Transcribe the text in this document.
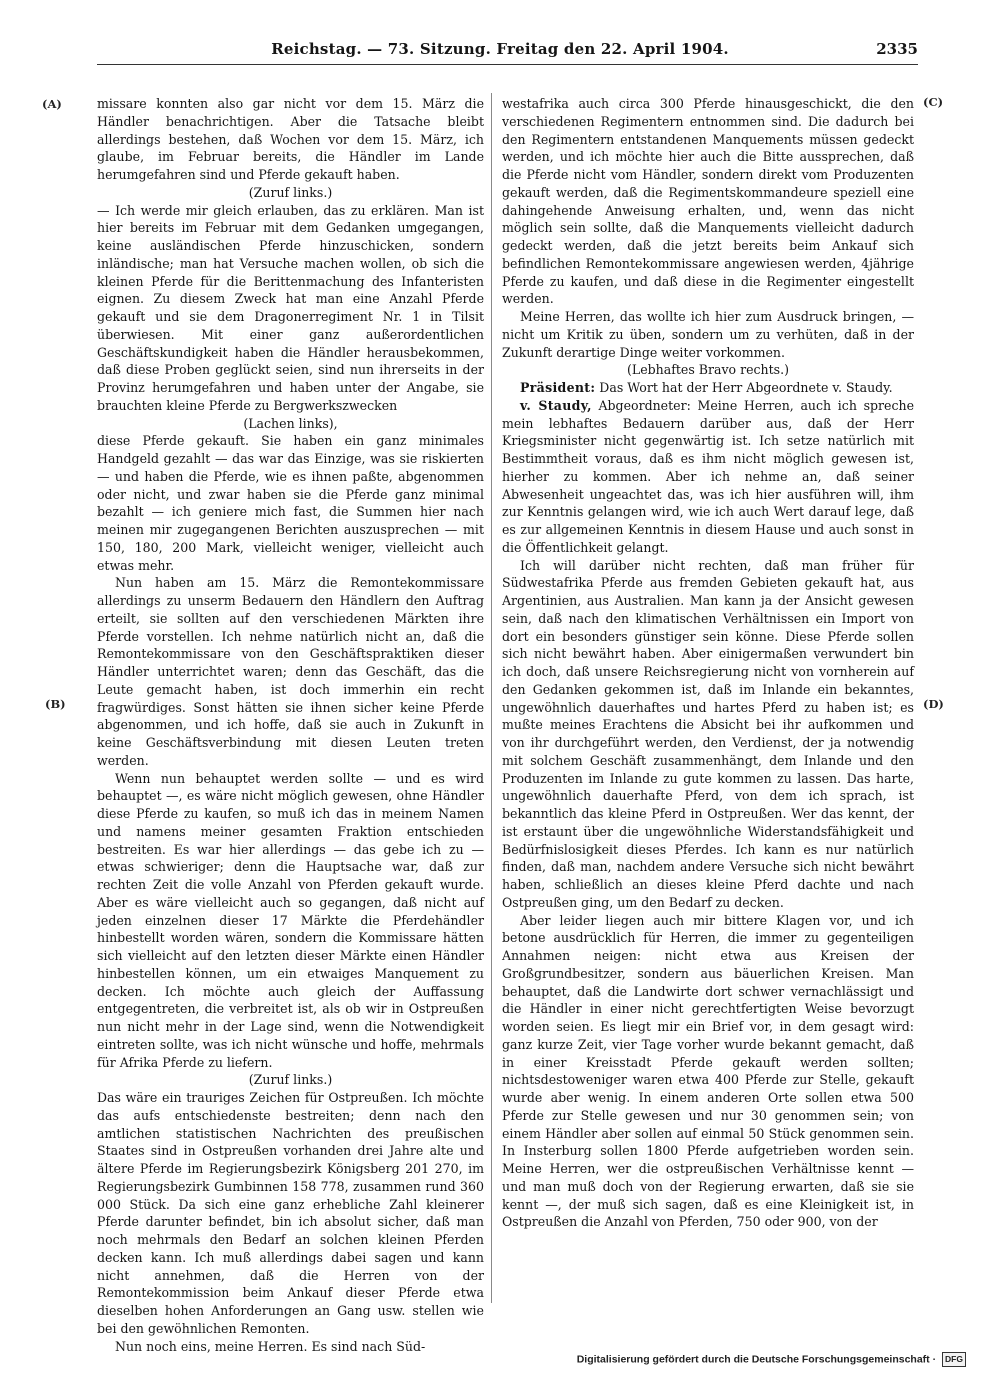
Reichstag. — 73. Sitzung. Freitag den 22. April 1904.	2335
(A)
(B)
(C)
(D)

missare konnten also gar nicht vor dem 15. März die Händler benachrichtigen. Aber die Tatsache bleibt allerdings bestehen, daß Wochen vor dem 15. März, ich glaube, im Februar bereits, die Händler im Lande herumgefahren sind und Pferde gekauft haben.

(Zuruf links.)

— Ich werde mir gleich erlauben, das zu erklären. Man ist hier bereits im Februar mit dem Gedanken umgegangen, keine ausländischen Pferde hinzuschicken, sondern inländische; man hat Versuche machen wollen, ob sich die kleinen Pferde für die Berittenmachung des Infanteristen eignen. Zu diesem Zweck hat man eine Anzahl Pferde gekauft und sie dem Dragonerregiment Nr. 1 in Tilsit überwiesen. Mit einer ganz außerordentlichen Geschäftskundigkeit haben die Händler herausbekommen, daß diese Proben geglückt seien, sind nun ihrerseits in der Provinz herumgefahren und haben unter der Angabe, sie brauchten kleine Pferde zu Bergwerkszwecken

(Lachen links),

diese Pferde gekauft. Sie haben ein ganz minimales Handgeld gezahlt — das war das Einzige, was sie riskierten — und haben die Pferde, wie es ihnen paßte, abgenommen oder nicht, und zwar haben sie die Pferde ganz minimal bezahlt — ich geniere mich fast, die Summen hier nach meinen mir zugegangenen Berichten auszusprechen — mit 150, 180, 200 Mark, vielleicht weniger, vielleicht auch etwas mehr.

Nun haben am 15. März die Remontekommissare allerdings zu unserm Bedauern den Händlern den Auftrag erteilt, sie sollten auf den verschiedenen Märkten ihre Pferde vorstellen. Ich nehme natürlich nicht an, daß die Remontekommissare von den Geschäftspraktiken dieser Händler unterrichtet waren; denn das Geschäft, das die Leute gemacht haben, ist doch immerhin ein recht fragwürdiges. Sonst hätten sie ihnen sicher keine Pferde abgenommen, und ich hoffe, daß sie auch in Zukunft in keine Geschäftsverbindung mit diesen Leuten treten werden.

Wenn nun behauptet werden sollte — und es wird behauptet —, es wäre nicht möglich gewesen, ohne Händler diese Pferde zu kaufen, so muß ich das in meinem Namen und namens meiner gesamten Fraktion entschieden bestreiten. Es war hier allerdings — das gebe ich zu — etwas schwieriger; denn die Hauptsache war, daß zur rechten Zeit die volle Anzahl von Pferden gekauft wurde. Aber es wäre vielleicht auch so gegangen, daß nicht auf jeden einzelnen dieser 17 Märkte die Pferdehändler hinbestellt worden wären, sondern die Kommissare hätten sich vielleicht auf den letzten dieser Märkte einen Händler hinbestellen können, um ein etwaiges Manquement zu decken. Ich möchte auch gleich der Auffassung entgegentreten, die verbreitet ist, als ob wir in Ostpreußen nun nicht mehr in der Lage sind, wenn die Notwendigkeit eintreten sollte, was ich nicht wünsche und hoffe, mehrmals für Afrika Pferde zu liefern.

(Zuruf links.)

Das wäre ein trauriges Zeichen für Ostpreußen. Ich möchte das aufs entschiedenste bestreiten; denn nach den amtlichen statistischen Nachrichten des preußischen Staates sind in Ostpreußen vorhanden drei Jahre alte und ältere Pferde im Regierungsbezirk Königsberg 201 270, im Regierungsbezirk Gumbinnen 158 778, zusammen rund 360 000 Stück. Da sich eine ganz erhebliche Zahl kleinerer Pferde darunter befindet, bin ich absolut sicher, daß man noch mehrmals den Bedarf an solchen kleinen Pferden decken kann. Ich muß allerdings dabei sagen und kann nicht annehmen, daß die Herren von der Remontekommission beim Ankauf dieser Pferde etwa dieselben hohen Anforderungen an Gang usw. stellen wie bei den gewöhnlichen Remonten.

Nun noch eins, meine Herren. Es sind nach Süd-

westafrika auch circa 300 Pferde hinausgeschickt, die den verschiedenen Regimentern entnommen sind. Die dadurch bei den Regimentern entstandenen Manquements müssen gedeckt werden, und ich möchte hier auch die Bitte aussprechen, daß die Pferde nicht vom Händler, sondern direkt vom Produzenten gekauft werden, daß die Regimentskommandeure speziell eine dahingehende Anweisung erhalten, und, wenn das nicht möglich sein sollte, daß die Manquements vielleicht dadurch gedeckt werden, daß die jetzt bereits beim Ankauf sich befindlichen Remontekommissare angewiesen werden, 4jährige Pferde zu kaufen, und daß diese in die Regimenter eingestellt werden.

Meine Herren, das wollte ich hier zum Ausdruck bringen, — nicht um Kritik zu üben, sondern um zu verhüten, daß in der Zukunft derartige Dinge weiter vorkommen.

(Lebhaftes Bravo rechts.)

Präsident: Das Wort hat der Herr Abgeordnete v. Staudy.

v. Staudy, Abgeordneter: Meine Herren, auch ich spreche mein lebhaftes Bedauern darüber aus, daß der Herr Kriegsminister nicht gegenwärtig ist. Ich setze natürlich mit Bestimmtheit voraus, daß es ihm nicht möglich gewesen ist, hierher zu kommen. Aber ich nehme an, daß seiner Abwesenheit ungeachtet das, was ich hier ausführen will, ihm zur Kenntnis gelangen wird, wie ich auch Wert darauf lege, daß es zur allgemeinen Kenntnis in diesem Hause und auch sonst in die Öffentlichkeit gelangt.

Ich will darüber nicht rechten, daß man früher für Südwestafrika Pferde aus fremden Gebieten gekauft hat, aus Argentinien, aus Australien. Man kann ja der Ansicht gewesen sein, daß nach den klimatischen Verhältnissen ein Import von dort ein besonders günstiger sein könne. Diese Pferde sollen sich nicht bewährt haben. Aber einigermaßen verwundert bin ich doch, daß unsere Reichsregierung nicht von vornherein auf den Gedanken gekommen ist, daß im Inlande ein bekanntes, ungewöhnlich dauerhaftes und hartes Pferd zu haben ist; es mußte meines Erachtens die Absicht bei ihr aufkommen und von ihr durchgeführt werden, den Verdienst, der ja notwendig mit solchem Geschäft zusammenhängt, dem Inlande und den Produzenten im Inlande zu gute kommen zu lassen. Das harte, ungewöhnlich dauerhafte Pferd, von dem ich sprach, ist bekanntlich das kleine Pferd in Ostpreußen. Wer das kennt, der ist erstaunt über die ungewöhnliche Widerstandsfähigkeit und Bedürfnislosigkeit dieses Pferdes. Ich kann es nur natürlich finden, daß man, nachdem andere Versuche sich nicht bewährt haben, schließlich an dieses kleine Pferd dachte und nach Ostpreußen ging, um den Bedarf zu decken.

Aber leider liegen auch mir bittere Klagen vor, und ich betone ausdrücklich für Herren, die immer zu gegenteiligen Annahmen neigen: nicht etwa aus Kreisen der Großgrundbesitzer, sondern aus bäuerlichen Kreisen. Man behauptet, daß die Landwirte dort schwer vernachlässigt und die Händler in einer nicht gerechtfertigten Weise bevorzugt worden seien. Es liegt mir ein Brief vor, in dem gesagt wird: ganz kurze Zeit, vier Tage vorher wurde bekannt gemacht, daß in einer Kreisstadt Pferde gekauft werden sollten; nichtsdestoweniger waren etwa 400 Pferde zur Stelle, gekauft wurde aber wenig. In einem anderen Orte sollen etwa 500 Pferde zur Stelle gewesen und nur 30 genommen sein; von einem Händler aber sollen auf einmal 50 Stück genommen sein. In Insterburg sollen 1800 Pferde aufgetrieben worden sein. Meine Herren, wer die ostpreußischen Verhältnisse kennt — und man muß doch von der Regierung erwarten, daß sie sie kennt —, der muß sich sagen, daß es eine Kleinigkeit ist, in Ostpreußen die Anzahl von Pferden, 750 oder 900, von der

Digitalisierung gefördert durch die Deutsche Forschungsgemeinschaft · DFG
